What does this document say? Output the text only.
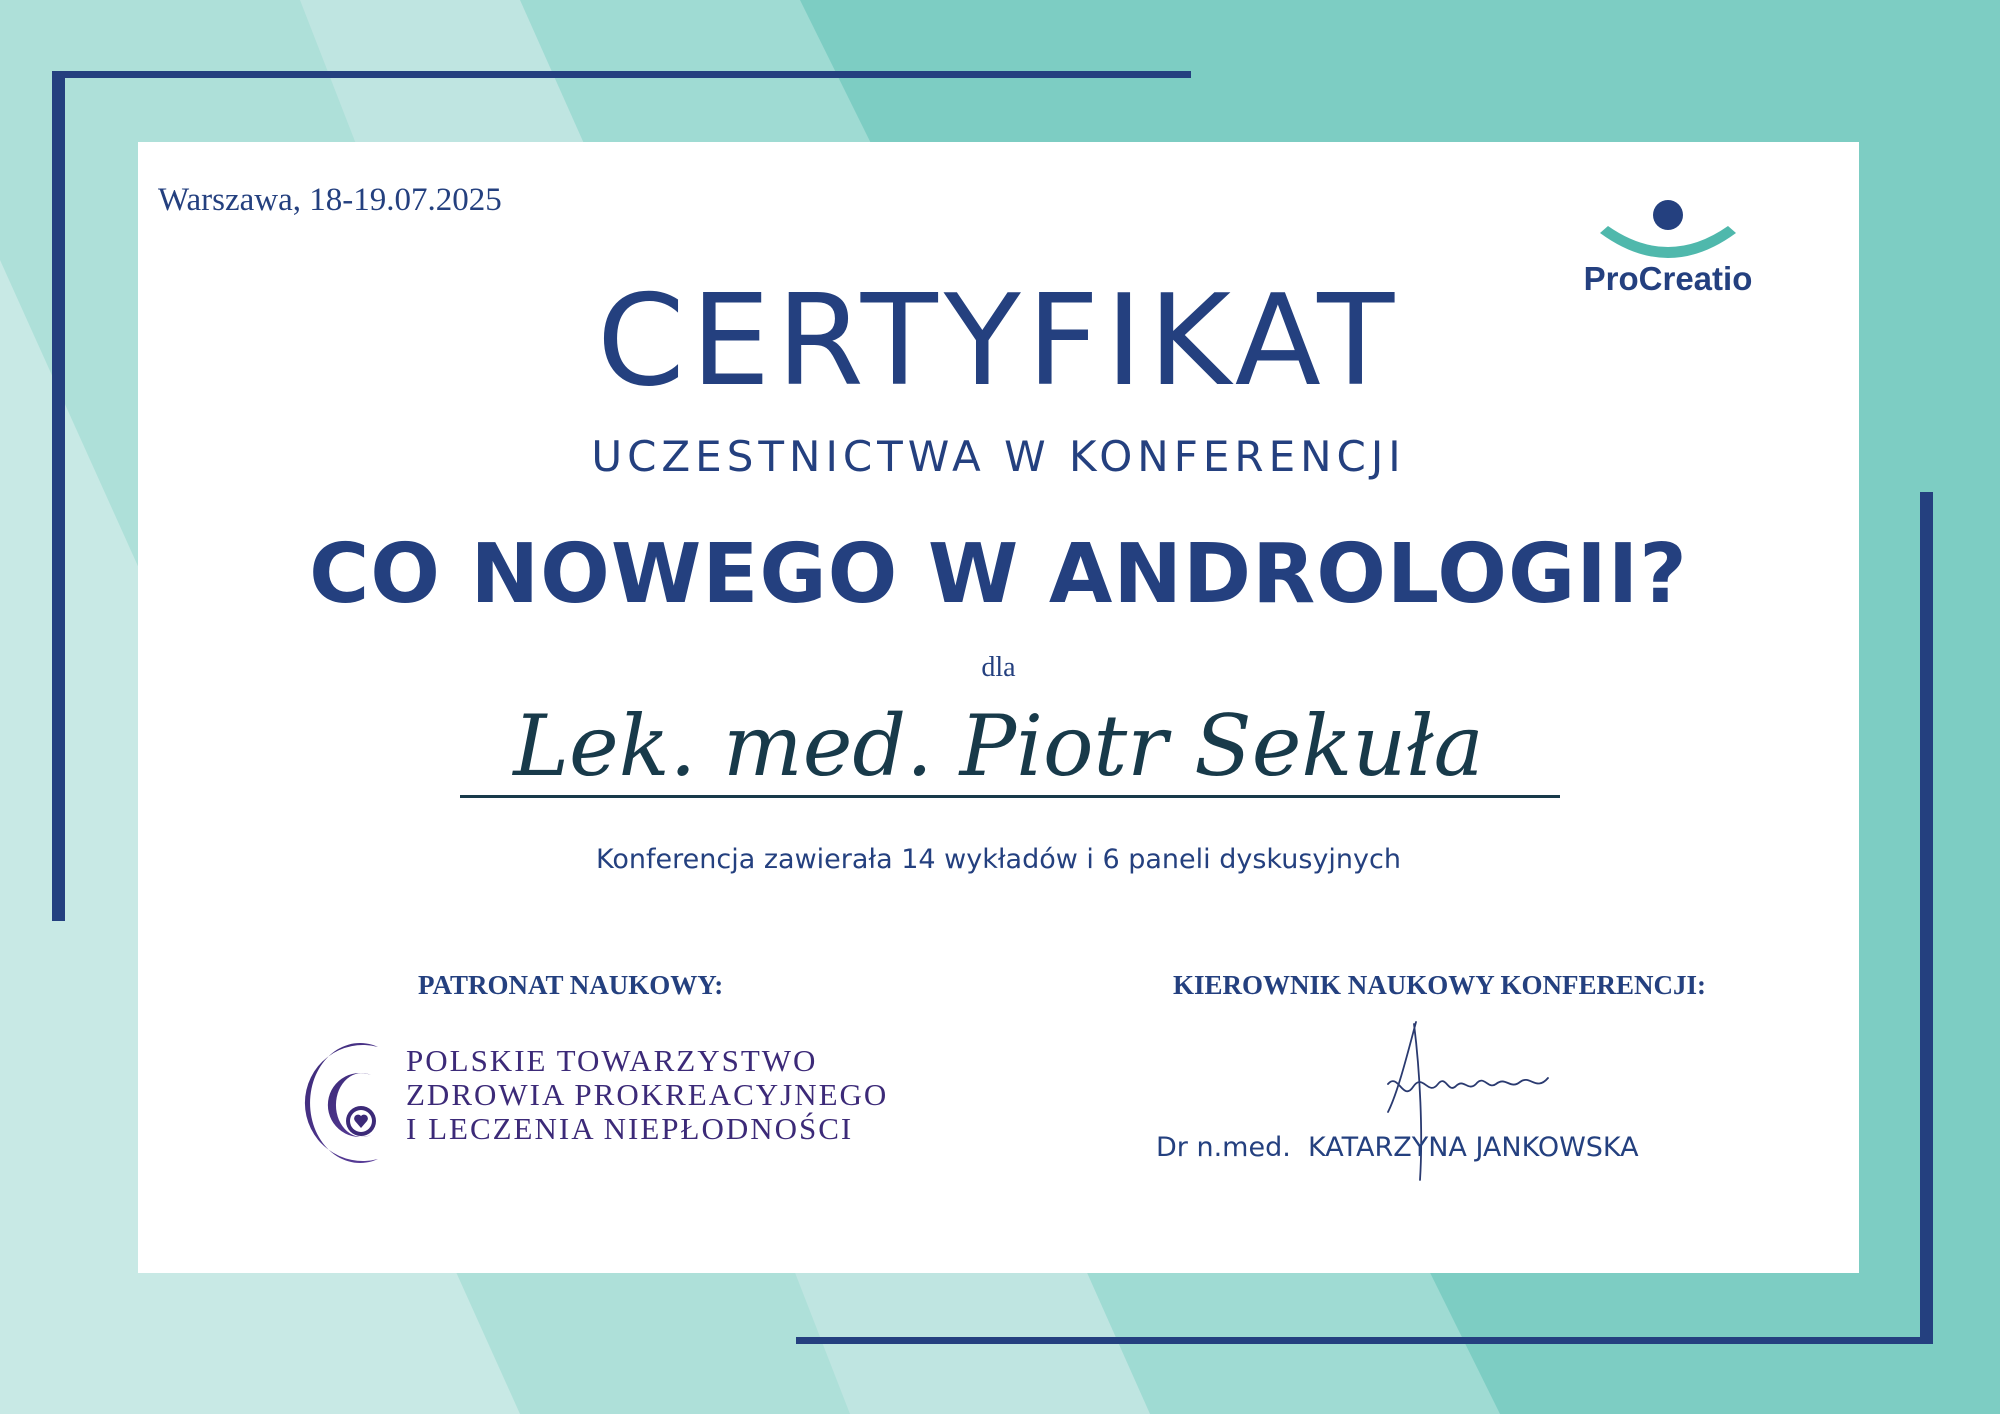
Warszawa, 18-19.07.2025
ProCreatio
CERTYFIKAT
UCZESTNICTWA W KONFERENCJI
CO NOWEGO W ANDROLOGII?
dla
Lek. med. Piotr Sekuła
Konferencja zawierała 14 wykładów i 6 paneli dyskusyjnych
PATRONAT NAUKOWY:	KIEROWNIK NAUKOWY KONFERENCJI:
POLSKIE TOWARZYSTWO
ZDROWIA PROKREACYJNEGO
I LECZENIA NIEPŁODNOŚCI
Dr n.med.  KATARZYNA JANKOWSKA
